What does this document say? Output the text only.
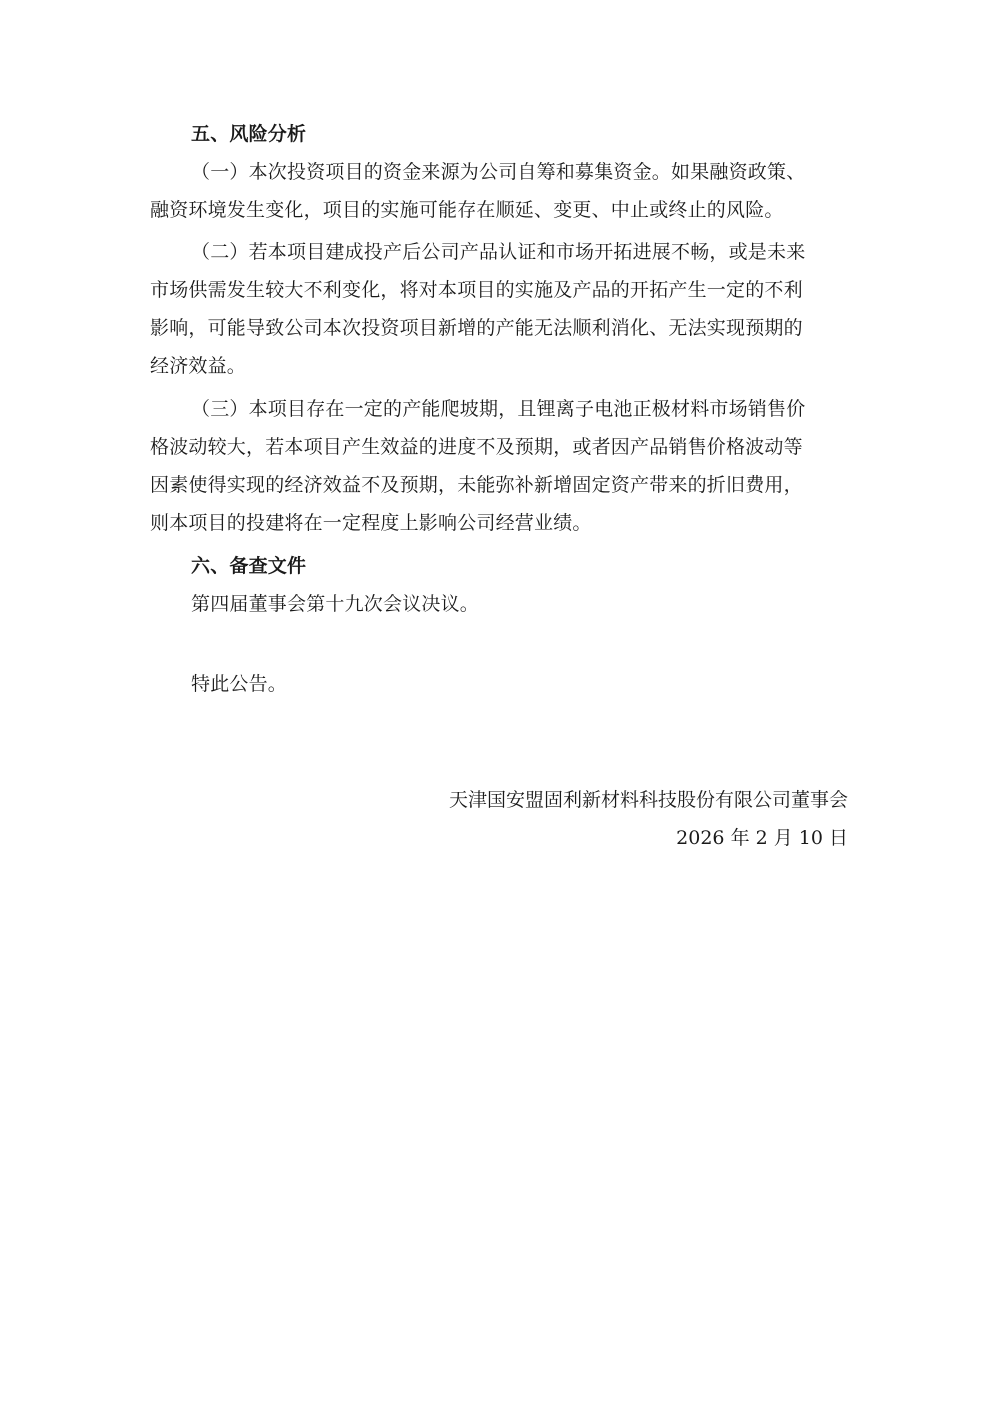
五、风险分析
（一）本次投资项目的资金来源为公司自筹和募集资金。如果融资政策、
融资环境发生变化，项目的实施可能存在顺延、变更、中止或终止的风险。
（二）若本项目建成投产后公司产品认证和市场开拓进展不畅，或是未来
市场供需发生较大不利变化，将对本项目的实施及产品的开拓产生一定的不利
影响，可能导致公司本次投资项目新增的产能无法顺利消化、无法实现预期的
经济效益。
（三）本项目存在一定的产能爬坡期，且锂离子电池正极材料市场销售价
格波动较大，若本项目产生效益的进度不及预期，或者因产品销售价格波动等
因素使得实现的经济效益不及预期，未能弥补新增固定资产带来的折旧费用，
则本项目的投建将在一定程度上影响公司经营业绩。
六、备查文件
第四届董事会第十九次会议决议。
特此公告。
天津国安盟固利新材料科技股份有限公司董事会
2026 年 2 月 10 日
